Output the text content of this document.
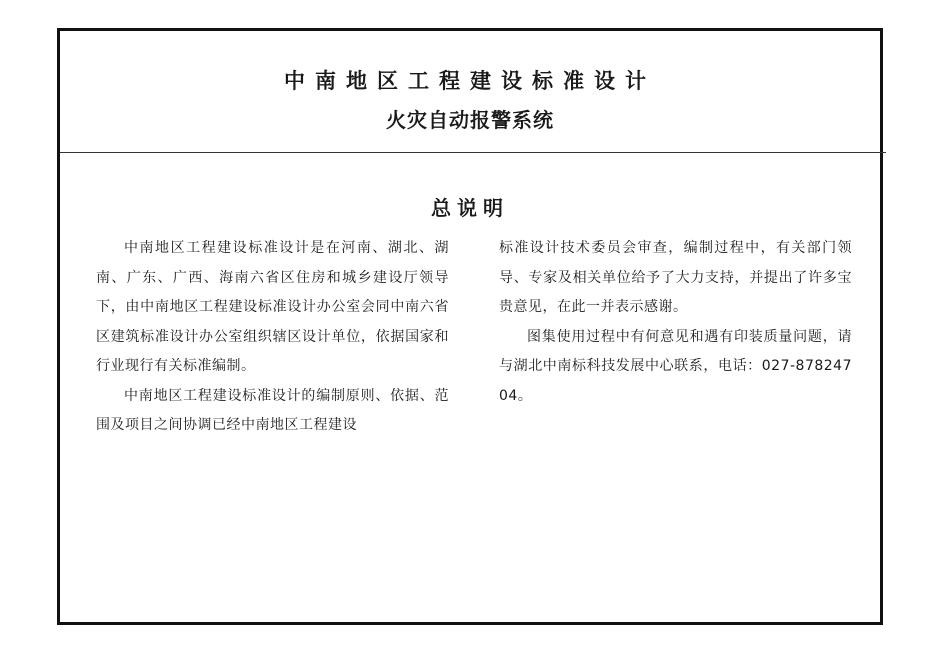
中南地区工程建设标准设计
火灾自动报警系统
总说明

中南地区工程建设标准设计是在河南、湖北、湖南、广东、广西、海南六省区住房和城乡建设厅领导下，由中南地区工程建设标准设计办公室会同中南六省区建筑标准设计办公室组织辖区设计单位，依据国家和行业现行有关标准编制。

中南地区工程建设标准设计的编制原则、依据、范围及项目之间协调已经中南地区工程建设

标准设计技术委员会审查，编制过程中，有关部门领导、专家及相关单位给予了大力支持，并提出了许多宝贵意见，在此一并表示感谢。

图集使用过程中有何意见和遇有印装质量问题，请与湖北中南标科技发展中心联系，电话：027-87824704。
